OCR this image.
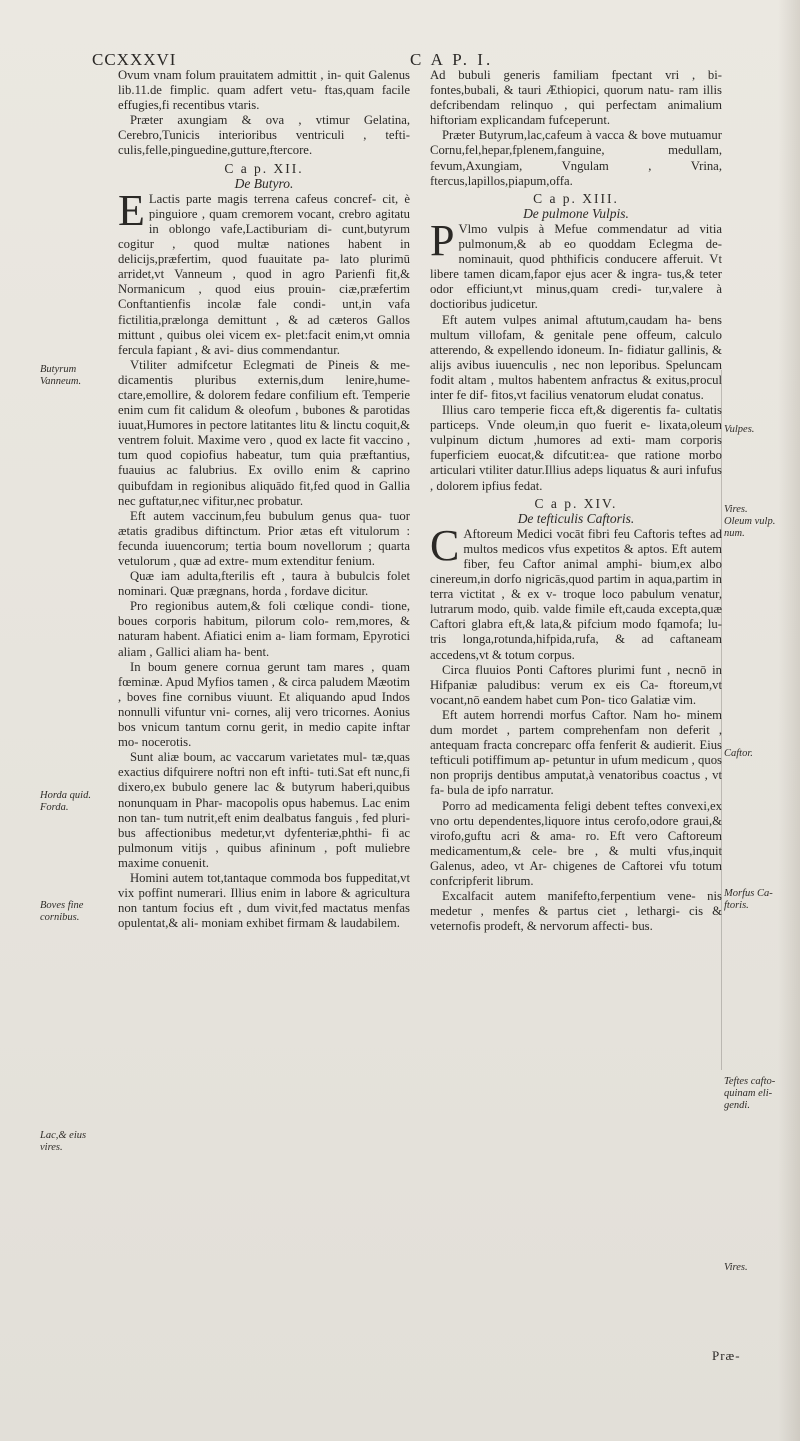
CCXXXVI	C A P. I.

Ovum vnam folum prauitatem admittit , in- quit Galenus lib.11.de fimplic. quam adfert vetu- ftas,quam facile effugies,fi recentibus vtaris.

Præter axungiam & ova , vtimur Gelatina, Cerebro,Tunicis interioribus ventriculi , tefti- culis,felle,pinguedine,gutture,ftercore.

C a p. XII.
De Butyro.

E Lactis parte magis terrena cafeus concref- cit, è pinguiore , quam cremorem vocant, crebro agitatu in oblongo vafe,Lactiburiam di- cunt,butyrum cogitur , quod multæ nationes habent in delicijs,præfertim, quod fuauitate pa- lato plurimū arridet,vt Vanneum , quod in agro Parienfi fit,& Normanicum , quod eius prouin- ciæ,præfertim Conftantienfis incolæ fale condi- unt,in vafa fictilitia,prælonga demittunt , & ad cæteros Gallos mittunt , quibus olei vicem ex- plet:facit enim,vt omnia fercula fapiant , & avi- dius commendantur.

Vtiliter admifcetur Eclegmati de Pineis & me- dicamentis pluribus externis,dum lenire,hume- ctare,emollire, & dolorem fedare confilium eft. Temperie enim cum fit calidum & oleofum , bubones & parotidas iuuat,Humores in pectore latitantes litu & linctu coquit,& ventrem foluit. Maxime vero , quod ex lacte fit vaccino , tum quod copiofius habeatur, tum quia præftantius, fuauius ac falubrius. Ex ovillo enim & caprino quibufdam in regionibus aliquādo fit,fed quod in Gallia nec guftatur,nec vifitur,nec probatur.

Eft autem vaccinum,feu bubulum genus qua- tuor ætatis gradibus diftinctum. Prior ætas eft vitulorum : fecunda iuuencorum; tertia boum novellorum ; quarta vetulorum , quæ ad extre- mum extenditur fenium.

Quæ iam adulta,fterilis eft , taura à bubulcis folet nominari. Quæ prægnans, horda , fordave dicitur.

Pro regionibus autem,& foli cœlique condi- tione, boues corporis habitum, pilorum colo- rem,mores, & naturam habent. Afiatici enim a- liam formam, Epyrotici aliam , Gallici aliam ha- bent.

In boum genere cornua gerunt tam mares , quam fœminæ. Apud Myfios tamen , & circa paludem Mæotim , boves fine cornibus viuunt. Et aliquando apud Indos nonnulli vifuntur vni- cornes, alij vero tricornes. Aonius bos vnicum tantum cornu gerit, in medio capite inftar mo- nocerotis.

Sunt aliæ boum, ac vaccarum varietates mul- tæ,quas exactius difquirere noftri non eft infti- tuti.Sat eft nunc,fi dixero,ex bubulo genere lac & butyrum haberi,quibus nonunquam in Phar- macopolis opus habemus. Lac enim non tan- tum nutrit,eft enim dealbatus fanguis , fed pluri- bus affectionibus medetur,vt dyfenteriæ,phthi- fi ac pulmonum vitijs , quibus afininum , poft muliebre maxime conuenit.

Homini autem tot,tantaque commoda bos fuppeditat,vt vix poffint numerari. Illius enim in labore & agricultura non tantum focius eft , dum vivit,fed mactatus menfas opulentat,& ali- moniam exhibet firmam & laudabilem.

Ad bubuli generis familiam fpectant vri , bi- fontes,bubali, & tauri Æthiopici, quorum natu- ram illis defcribendam relinquo , qui perfectam animalium hiftoriam explicandam fufceperunt.

Præter Butyrum,lac,cafeum à vacca & bove mutuamur Cornu,fel,hepar,fplenem,fanguine, medullam, fevum,Axungiam, Vngulam , Vrina, ftercus,lapillos,piapum,offa.

C a p. XIII.
De pulmone Vulpis.

P Vlmo vulpis à Mefue commendatur ad vitia pulmonum,& ab eo quoddam Eclegma de- nominauit, quod phthificis conducere afferuit. Vt libere tamen dicam,fapor ejus acer & ingra- tus,& teter odor efficiunt,vt minus,quam credi- tur,valere à doctioribus judicetur.

Eft autem vulpes animal aftutum,caudam ha- bens multum villofam, & genitale pene offeum, calculo atterendo, & expellendo idoneum. In- fidiatur gallinis, & alijs avibus iuuenculis , nec non leporibus. Speluncam fodit altam , multos habentem anfractus & exitus,procul inter fe dif- fitos,vt facilius venatorum eludat conatus.

Illius caro temperie ficca eft,& digerentis fa- cultatis particeps. Vnde oleum,in quo fuerit e- lixata,oleum vulpinum dictum ,humores ad exti- mam corporis fuperficiem euocat,& difcutit:ea- que ratione morbo articulari vtiliter datur.Illius adeps liquatus & auri infufus , dolorem ipfius fedat.

C a p. XIV.
De tefticulis Caftoris.

C Aftoreum Medici vocāt fibri feu Caftoris teftes ad multos medicos vfus expetitos & aptos. Eft autem fiber, feu Caftor animal amphi- bium,ex albo cinereum,in dorfo nigricās,quod partim in aqua,partim in terra victitat , & ex v- troque loco pabulum venatur, lutrarum modo, quib. valde fimile eft,cauda excepta,quæ Caftori glabra eft,& lata,& pifcium modo fqamofa; lu- tris longa,rotunda,hifpida,rufa, & ad caftaneam accedens,vt & totum corpus.

Circa fluuios Ponti Caftores plurimi funt , necnō in Hifpaniæ paludibus: verum ex eis Ca- ftoreum,vt vocant,nō eandem habet cum Pon- tico Galatiæ vim.

Eft autem horrendi morfus Caftor. Nam ho- minem dum mordet , partem comprehenfam non deferit , antequam fracta concreparc offa fenferit & audierit. Eius tefticuli potiffimum ap- petuntur in ufum medicum , quos non proprijs dentibus amputat,à venatoribus coactus , vt fa- bula de ipfo narratur.

Porro ad medicamenta feligi debent teftes convexi,ex vno ortu dependentes,liquore intus cerofo,odore graui,& virofo,guftu acri & ama- ro. Eft vero Caftoreum medicamentum,& cele- bre , & multi vfus,inquit Galenus, adeo, vt Ar- chigenes de Caftorei vfu totum confcripferit librum.

Excalfacit autem manifefto,ferpentium vene- nis medetur , menfes & partus ciet , lethargi- cis & veternofis prodeft, & nervorum affecti- bus.

Butyrum
Vanneum.
Horda quid.
Forda.
Boves fine
cornibus.
Lac,& eius
vires.
Vulpes.
Vires.
Oleum vulp.
num.
Caftor.
Morfus Ca-
ftoris.
Teftes cafto-
quinam eli-
gendi.
Vires.
Præ-
